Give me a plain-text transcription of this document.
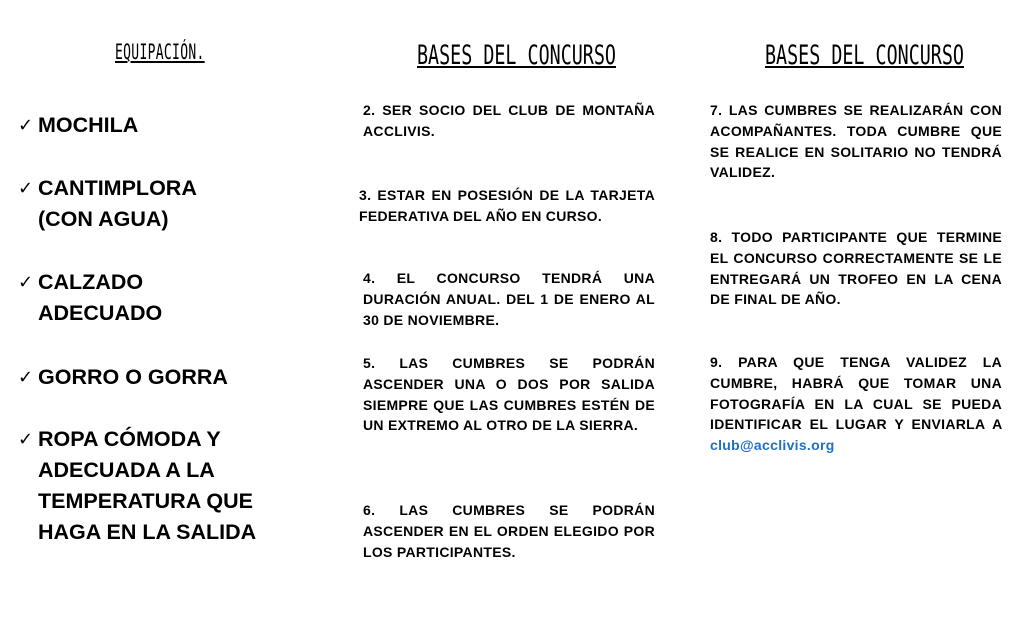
EQUIPACIÓN.
✓ MOCHILA
✓ CANTIMPLORA
(CON AGUA)
✓ CALZADO
ADECUADO
✓ GORRO O GORRA
✓ ROPA CÓMODA Y
ADECUADA A LA
TEMPERATURA QUE
HAGA EN LA SALIDA
BASES DEL CONCURSO

2. SER SOCIO DEL CLUB DE MONTAÑA ACCLIVIS.

3. ESTAR EN POSESIÓN DE LA TARJETA FEDERATIVA DEL AÑO EN CURSO.

4. EL CONCURSO TENDRÁ UNA DURACIÓN ANUAL. DEL 1 DE ENERO AL 30 DE NOVIEMBRE.

5. LAS CUMBRES SE PODRÁN ASCENDER UNA O DOS POR SALIDA SIEMPRE QUE LAS CUMBRES ESTÉN DE UN EXTREMO AL OTRO DE LA SIERRA.

6. LAS CUMBRES SE PODRÁN ASCENDER EN EL ORDEN ELEGIDO POR LOS PARTICIPANTES.

BASES DEL CONCURSO

7. LAS CUMBRES SE REALIZARÁN CON ACOMPAÑANTES. TODA CUMBRE QUE SE REALICE EN SOLITARIO NO TENDRÁ VALIDEZ.

8. TODO PARTICIPANTE QUE TERMINE EL CONCURSO CORRECTAMENTE SE LE ENTREGARÁ UN TROFEO EN LA CENA DE FINAL DE AÑO.

9. PARA QUE TENGA VALIDEZ LA CUMBRE, HABRÁ QUE TOMAR UNA FOTOGRAFÍA EN LA CUAL SE PUEDA IDENTIFICAR EL LUGAR Y ENVIARLA A club@acclivis.org
